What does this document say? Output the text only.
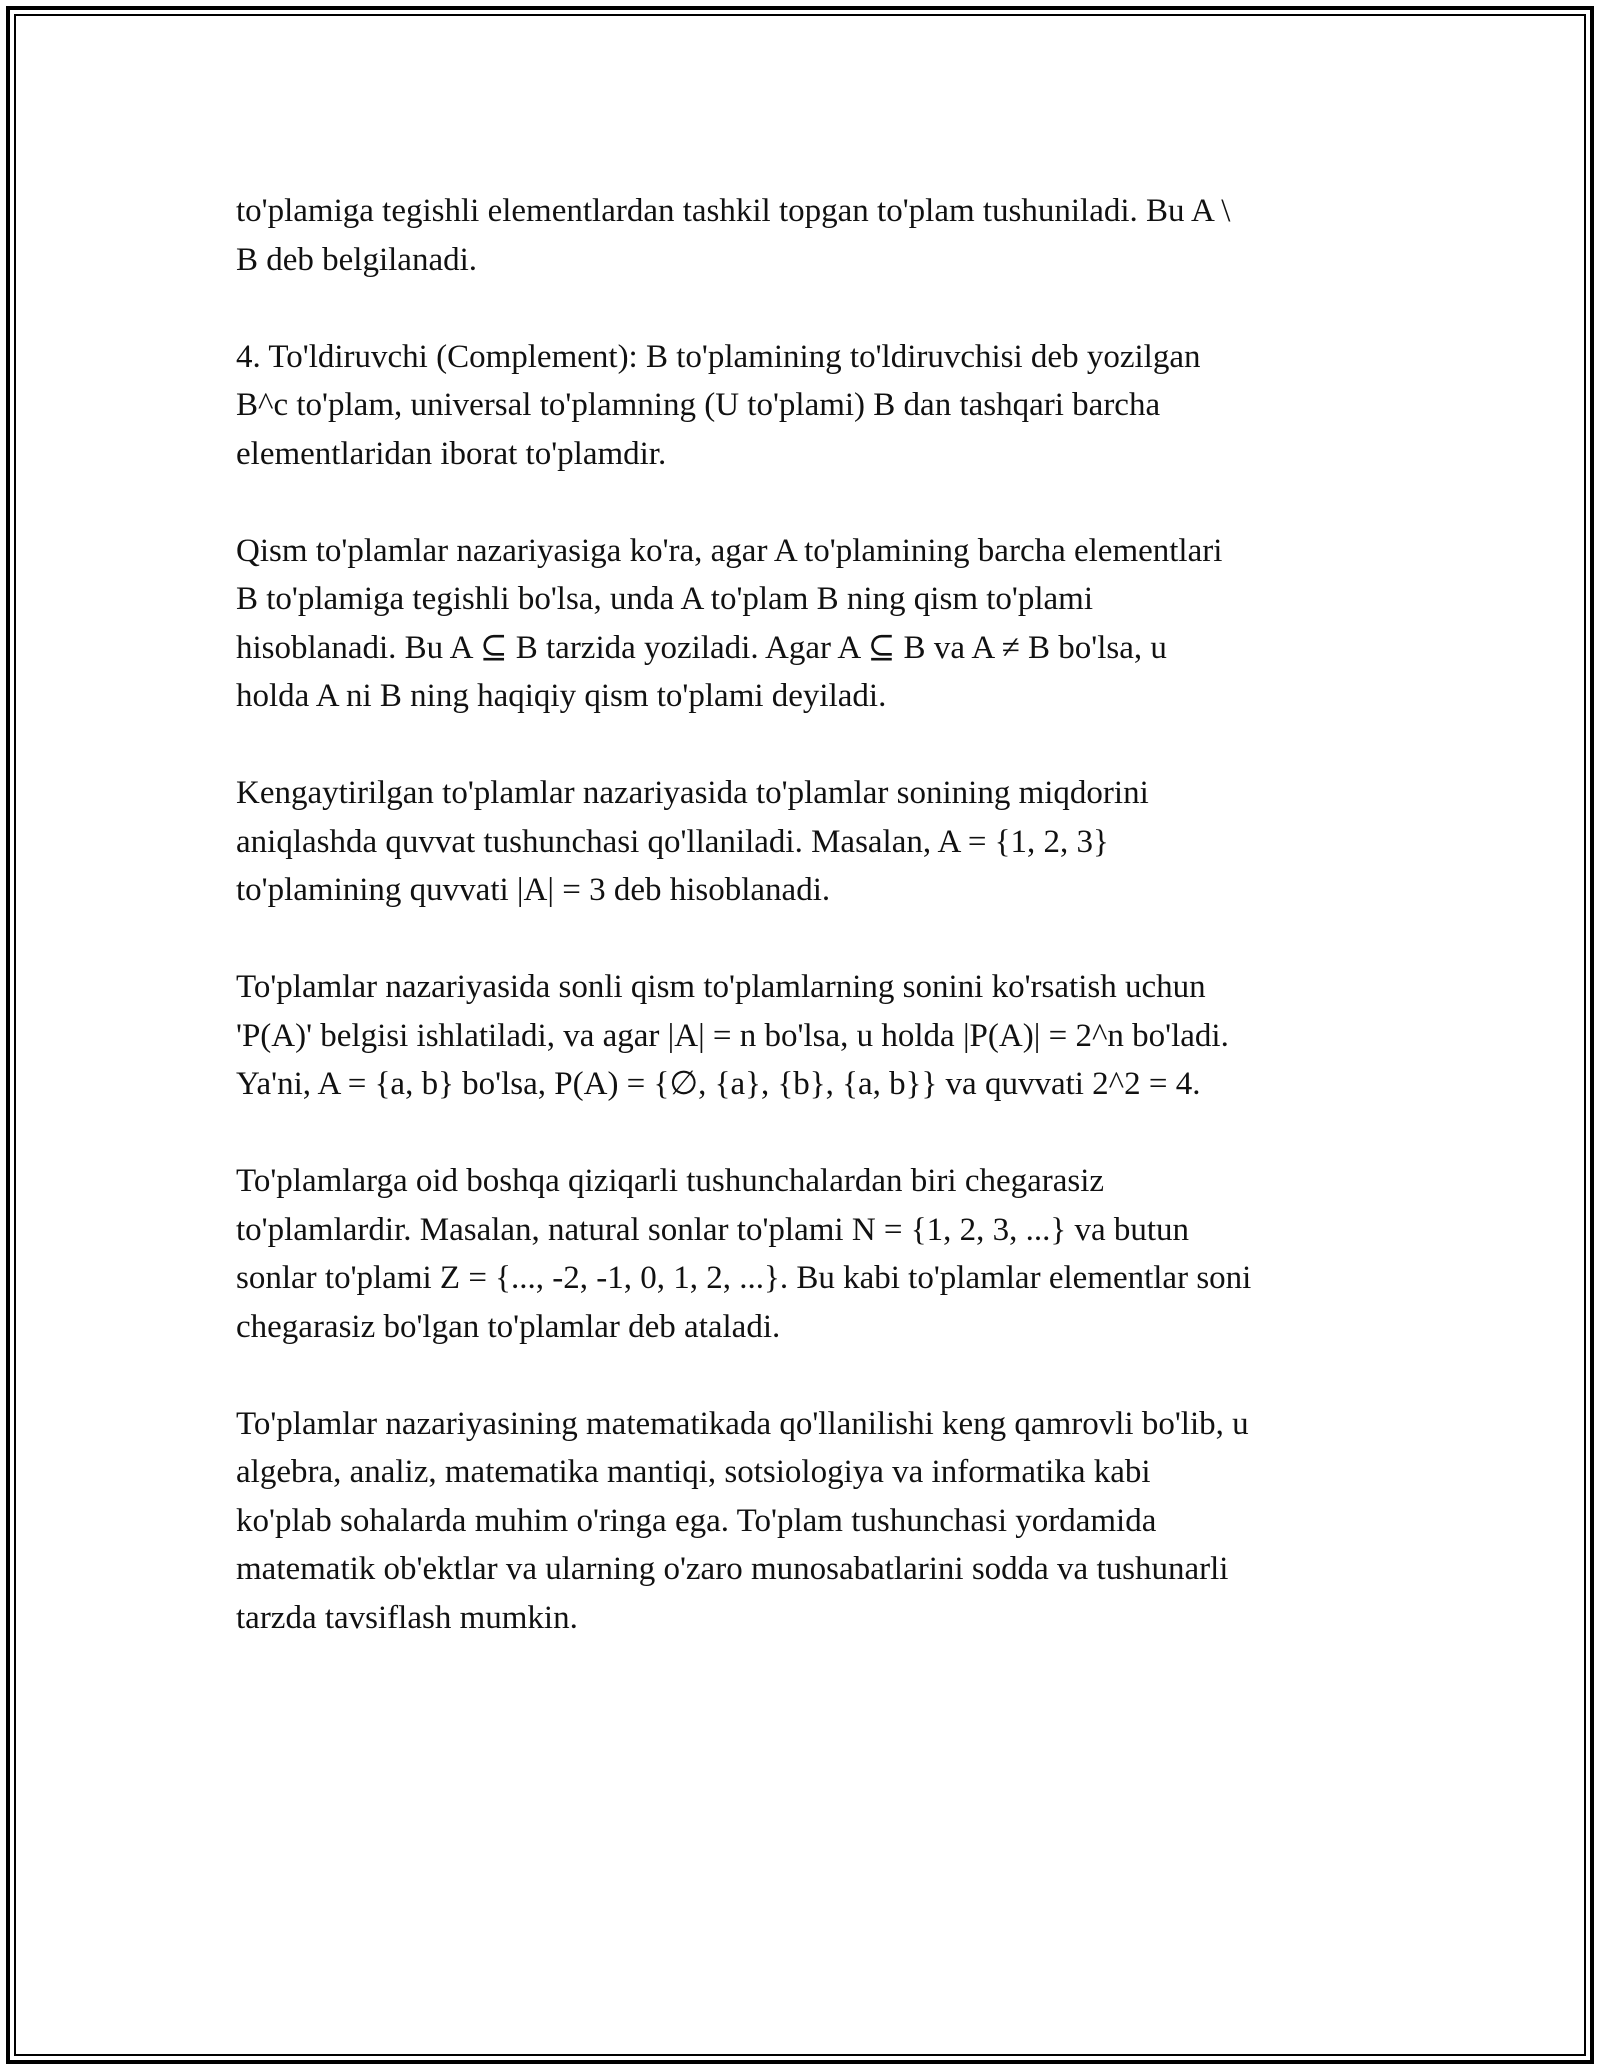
to'plamiga tegishli elementlardan tashkil topgan to'plam tushuniladi. Bu A \
B deb belgilanadi.

4. To'ldiruvchi (Complement): B to'plamining to'ldiruvchisi deb yozilgan
B^c to'plam, universal to'plamning (U to'plami) B dan tashqari barcha
elementlaridan iborat to'plamdir.

Qism to'plamlar nazariyasiga ko'ra, agar A to'plamining barcha elementlari
B to'plamiga tegishli bo'lsa, unda A to'plam B ning qism to'plami
hisoblanadi. Bu A ⊆ B tarzida yoziladi. Agar A ⊆ B va A ≠ B bo'lsa, u
holda A ni B ning haqiqiy qism to'plami deyiladi.

Kengaytirilgan to'plamlar nazariyasida to'plamlar sonining miqdorini
aniqlashda quvvat tushunchasi qo'llaniladi. Masalan, A = {1, 2, 3}
to'plamining quvvati |A| = 3 deb hisoblanadi.

To'plamlar nazariyasida sonli qism to'plamlarning sonini ko'rsatish uchun
'P(A)' belgisi ishlatiladi, va agar |A| = n bo'lsa, u holda |P(A)| = 2^n bo'ladi.
Ya'ni, A = {a, b} bo'lsa, P(A) = {∅, {a}, {b}, {a, b}} va quvvati 2^2 = 4.

To'plamlarga oid boshqa qiziqarli tushunchalardan biri chegarasiz
to'plamlardir. Masalan, natural sonlar to'plami N = {1, 2, 3, ...} va butun
sonlar to'plami Z = {..., -2, -1, 0, 1, 2, ...}. Bu kabi to'plamlar elementlar soni
chegarasiz bo'lgan to'plamlar deb ataladi.

To'plamlar nazariyasining matematikada qo'llanilishi keng qamrovli bo'lib, u
algebra, analiz, matematika mantiqi, sotsiologiya va informatika kabi
ko'plab sohalarda muhim o'ringa ega. To'plam tushunchasi yordamida
matematik ob'ektlar va ularning o'zaro munosabatlarini sodda va tushunarli
tarzda tavsiflash mumkin.
